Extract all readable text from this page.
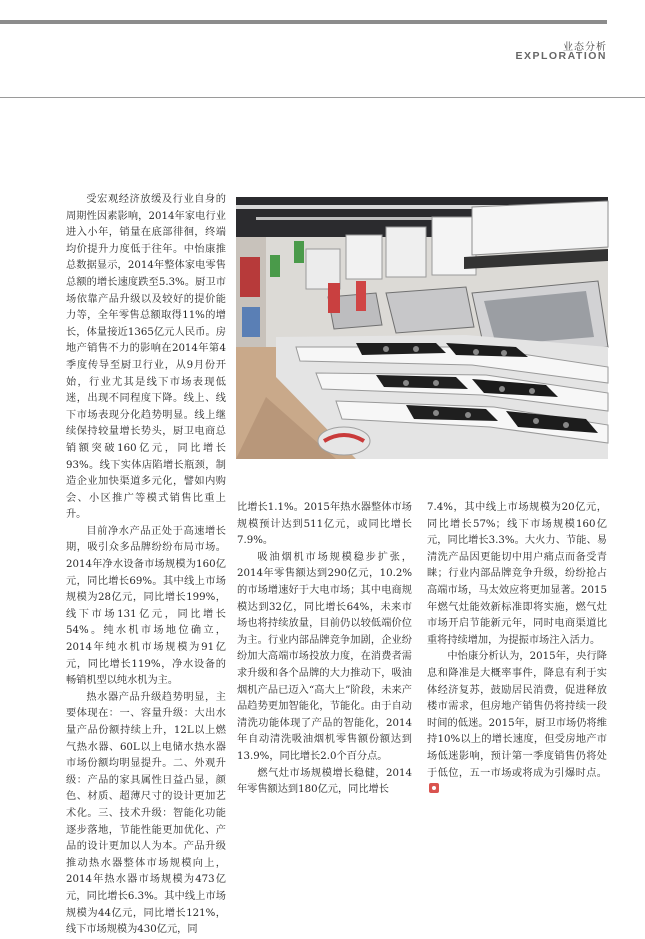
业态分析
EXPLORATION

受宏观经济放缓及行业自身的周期性因素影响，2014年家电行业进入小年，销量在底部徘徊，终端均价提升力度低于往年。中怡康推总数据显示，2014年整体家电零售总额的增长速度跌至5.3%。厨卫市场依靠产品升级以及较好的提价能力等，全年零售总额取得11%的增长，体量接近1365亿元人民币。房地产销售不力的影响在2014年第4季度传导至厨卫行业，从9月份开始，行业尤其是线下市场表现低迷，出现不同程度下降。线上、线下市场表现分化趋势明显。线上继续保持较量增长势头，厨卫电商总销额突破160亿元，同比增长93%。线下实体店陷增长瓶颈，制造企业加快渠道多元化，譬如内购会、小区推广等模式销售比重上升。

目前净水产品正处于高速增长期，吸引众多品牌纷纷布局市场。2014年净水设备市场规模为160亿元，同比增长69%。其中线上市场规模为28亿元，同比增长199%，线下市场131亿元，同比增长54%。纯水机市场地位确立，2014年纯水机市场规模为91亿元，同比增长119%，净水设备的畅销机型以纯水机为主。

热水器产品升级趋势明显，主要体现在：一、容量升级：大出水量产品份额持续上升，12L以上燃气热水器、60L以上电储水热水器市场份额均明显提升。二、外观升级：产品的家具属性日益凸显，颜色、材质、超薄尺寸的设计更加艺术化。三、技术升级：智能化功能逐步落地，节能性能更加优化、产品的设计更加以人为本。产品升级推动热水器整体市场规模向上，2014年热水器市场规模为473亿元，同比增长6.3%。其中线上市场规模为44亿元，同比增长121%，线下市场规模为430亿元，同

比增长1.1%。2015年热水器整体市场规模预计达到511亿元，或同比增长7.9%。

吸油烟机市场规模稳步扩张，2014年零售额达到290亿元，10.2%的市场增速好于大电市场；其中电商规模达到32亿，同比增长64%，未来市场也将持续放量，目前仍以较低端价位为主。行业内部品牌竞争加剧，企业纷纷加大高端市场投放力度，在消费者需求升级和各个品牌的大力推动下，吸油烟机产品已迈入“高大上”阶段，未来产品趋势更加智能化，节能化。由于自动清洗功能体现了产品的智能化，2014年自动清洗吸油烟机零售额份额达到13.9%，同比增长2.0个百分点。

燃气灶市场规模增长稳健，2014年零售额达到180亿元，同比增长

7.4%，其中线上市场规模为20亿元，同比增长57%；线下市场规模160亿元，同比增长3.3%。大火力、节能、易清洗产品因更能切中用户痛点而备受青睐；行业内部品牌竞争升级，纷纷抢占高端市场，马太效应将更加显著。2015年燃气灶能效新标准即将实施，燃气灶市场开启节能新元年，同时电商渠道比重将持续增加，为提振市场注入活力。

中怡康分析认为，2015年，央行降息和降准是大概率事件，降息有利于实体经济复苏，鼓励居民消费，促进释放楼市需求，但房地产销售仍将持续一段时间的低迷。2015年，厨卫市场仍将维持10%以上的增长速度，但受房地产市场低迷影响，预计第一季度销售仍将处于低位，五一市场或将成为引爆时点。
